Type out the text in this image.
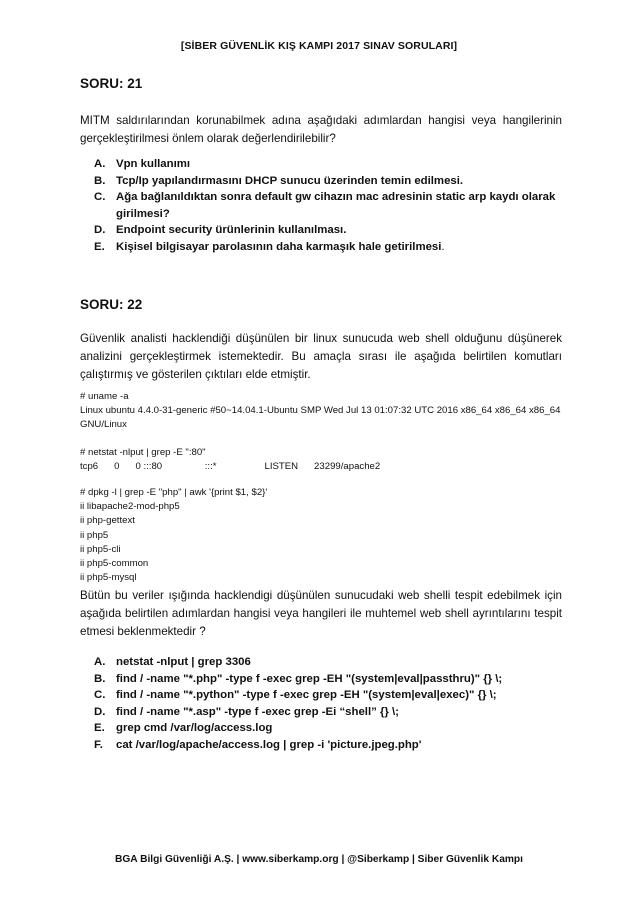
[SİBER GÜVENLİK KIŞ KAMPI 2017 SINAV SORULARI]
SORU: 21
MITM saldırılarından korunabilmek adına aşağıdaki adımlardan hangisi veya hangilerinin gerçekleştirilmesi önlem olarak değerlendirilebilir?
A. Vpn kullanımı
B. Tcp/Ip yapılandırmasını DHCP sunucu üzerinden temin edilmesi.
C. Ağa bağlanıldıktan sonra default gw cihazın mac adresinin static arp kaydı olarak girilmesi?
D. Endpoint security ürünlerinin kullanılması.
E. Kişisel bilgisayar parolasının daha karmaşık hale getirilmesi.
SORU: 22
Güvenlik analisti hacklendiği düşünülen bir linux sunucuda web shell olduğunu düşünerek analizini gerçekleştirmek istemektedir. Bu amaçla sırası ile aşağıda belirtilen komutları çalıştırmış ve gösterilen çıktıları elde etmiştir.
# uname -a
Linux ubuntu 4.4.0-31-generic #50~14.04.1-Ubuntu SMP Wed Jul 13 01:07:32 UTC 2016 x86_64 x86_64 x86_64
GNU/Linux
# netstat -nlput | grep -E ":80"
tcp6      0      0 :::80                :::*                  LISTEN      23299/apache2
# dpkg -l | grep -E "php" | awk '{print $1, $2}'
ii libapache2-mod-php5
ii php-gettext
ii php5
ii php5-cli
ii php5-common
ii php5-mysql
Bütün bu veriler ışığında hacklendigi düşünülen sunucudaki web shelli tespit edebilmek için aşağıda belirtilen adımlardan hangisi veya hangileri ile muhtemel web shell ayrıntılarını tespit etmesi beklenmektedir ?
A. netstat -nlput | grep 3306
B. find / -name "*.php" -type f -exec grep -EH "(system|eval|passthru)" {} \;
C. find / -name "*.python" -type f -exec grep -EH "(system|eval|exec)" {} \;
D. find / -name "*.asp" -type f -exec grep -Ei “shell” {} \;
E. grep cmd /var/log/access.log
F. cat /var/log/apache/access.log | grep -i 'picture.jpeg.php'
BGA Bilgi Güvenliği A.Ş. | www.siberkamp.org | @Siberkamp | Siber Güvenlik Kampı
